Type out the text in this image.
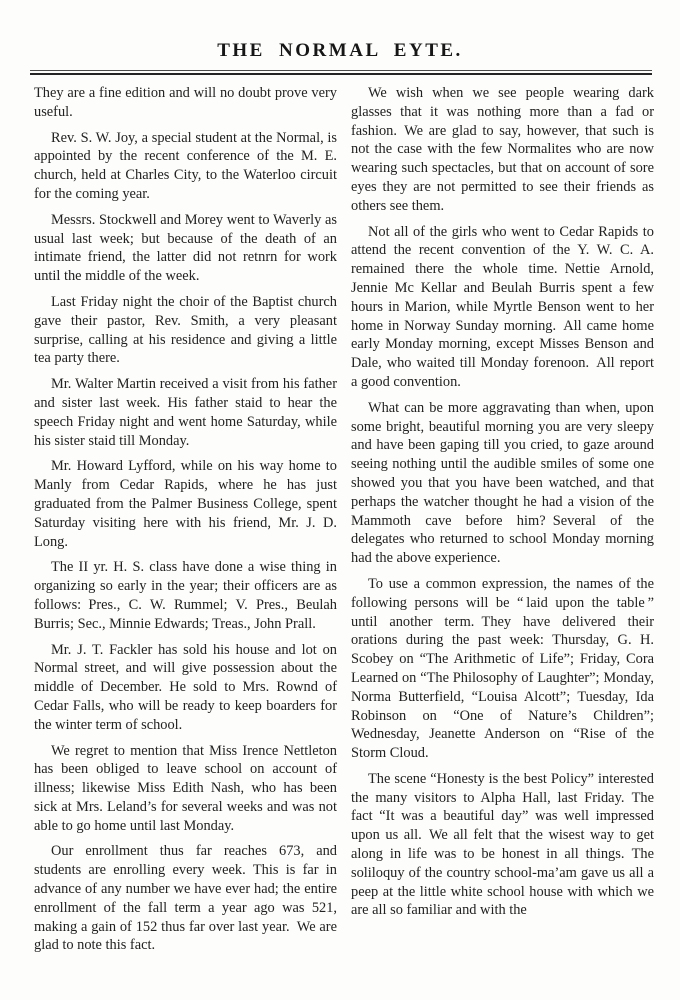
THE NORMAL EYTE.

They are a fine edition and will no doubt prove very useful.

Rev. S. W. Joy, a special student at the Normal, is appointed by the recent conference of the M. E. church, held at Charles City, to the Waterloo circuit for the coming year.

Messrs. Stockwell and Morey went to Waverly as usual last week; but because of the death of an intimate friend, the latter did not retnrn for work until the middle of the week.

Last Friday night the choir of the Baptist church gave their pastor, Rev. Smith, a very pleasant surprise, calling at his residence and giving a little tea party there.

Mr. Walter Martin received a visit from his father and sister last week. His father staid to hear the speech Friday night and went home Saturday, while his sister staid till Monday.

Mr. Howard Lyfford, while on his way home to Manly from Cedar Rapids, where he has just graduated from the Palmer Business College, spent Saturday visiting here with his friend, Mr. J. D. Long.

The II yr. H. S. class have done a wise thing in organizing so early in the year; their officers are as follows: Pres., C. W. Rummel; V. Pres., Beulah Burris; Sec., Minnie Edwards; Treas., John Prall.

Mr. J. T. Fackler has sold his house and lot on Normal street, and will give possession about the middle of December. He sold to Mrs. Rownd of Cedar Falls, who will be ready to keep boarders for the winter term of school.

We regret to mention that Miss Irence Nettleton has been obliged to leave school on account of illness; likewise Miss Edith Nash, who has been sick at Mrs. Leland’s for several weeks and was not able to go home until last Monday.

Our enrollment thus far reaches 673, and students are enrolling every week. This is far in advance of any number we have ever had; the entire enrollment of the fall term a year ago was 521, making a gain of 152 thus far over last year. We are glad to note this fact.

We wish when we see people wearing dark glasses that it was nothing more than a fad or fashion. We are glad to say, however, that such is not the case with the few Normalites who are now wearing such spectacles, but that on account of sore eyes they are not permitted to see their friends as others see them.

Not all of the girls who went to Cedar Rapids to attend the recent convention of the Y. W. C. A. remained there the whole time. Nettie Arnold, Jennie Mc Kellar and Beulah Burris spent a few hours in Marion, while Myrtle Benson went to her home in Norway Sunday morning. All came home early Monday morning, except Misses Benson and Dale, who waited till Monday forenoon. All report a good convention.

What can be more aggravating than when, upon some bright, beautiful morning you are very sleepy and have been gaping till you cried, to gaze around seeing nothing until the audible smiles of some one showed you that you have been watched, and that perhaps the watcher thought he had a vision of the Mammoth cave before him? Several of the delegates who returned to school Monday morning had the above experience.

To use a common expression, the names of the following persons will be “ laid upon the table ” until another term. They have delivered their orations during the past week: Thursday, G. H. Scobey on “The Arithmetic of Life”; Friday, Cora Learned on “The Philosophy of Laughter”; Monday, Norma Butterfield, “Louisa Alcott”; Tuesday, Ida Robinson on “One of Nature’s Children”; Wednesday, Jeanette Anderson on “Rise of the Storm Cloud.

The scene “Honesty is the best Policy” interested the many visitors to Alpha Hall, last Friday. The fact “It was a beautiful day” was well impressed upon us all. We all felt that the wisest way to get along in life was to be honest in all things. The soliloquy of the country school-ma’am gave us all a peep at the little white school house with which we are all so familiar and with the
